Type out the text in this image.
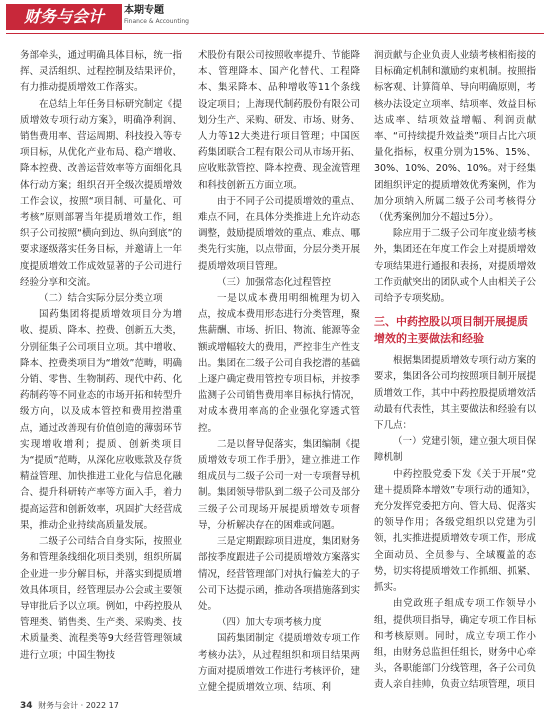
财务与会计	本期专题
Finance & Accounting

务部牵头，通过明确具体目标，统一指挥、灵活组织、过程控制及结果评价，有力推动提质增效工作落实。

在总结上年任务目标研究制定《提质增效专项行动方案》，明确净利润、销售费用率、营运周期、科技投入等专项目标，从优化产业布局、稳产增收、降本控费、改善运营效率等方面细化具体行动方案；组织召开全级次提质增效工作会议，按照“项目制、可量化、可考核”原则部署当年提质增效工作，组织子公司按照“横向到边、纵向到底”的要求逐级落实任务目标，并邀请上一年度提质增效工作成效显著的子公司进行经验分享和交流。

（二）结合实际分层分类立项

国药集团将提质增效项目分为增收、提质、降本、控费、创新五大类，分别征集子公司项目立项。其中增收、降本、控费类项目为“增效”范畴，明确分销、零售、生物制药、现代中药、化药制药等不同业态的市场开拓和转型升级方向，以及成本管控和费用控潜重点，通过改善现有价值创造的薄弱环节实现增收增利；提质、创新类项目为“提质”范畴，从深化应收账款及存货精益管理、加快推进工业化与信息化融合、提升科研转产率等方面入手，着力提高运营和创新效率，巩固扩大经营成果，推动企业持续高质量发展。

二级子公司结合自身实际，按照业务和管理条线细化项目类别，组织所属企业进一步分解目标，并落实到提质增效具体项目，经管理层办公会或主要领导审批后予以立项。例如，中药控股从管理类、销售类、生产类、采购类、技术质量类、流程类等9大经营管理领域进行立项；中国生物技

术股份有限公司按照收率提升、节能降本、管理降本、国产化替代、工程降本、集采降本、品种增收等11个条线设定项目；上海现代制药股份有限公司划分生产、采购、研发、市场、财务、人力等12大类进行项目管理；中国医药集团联合工程有限公司从市场开拓、应收账款管控、降本控费、现金流管理和科技创新五方面立项。

由于不同子公司提质增效的重点、难点不同，在具体分类推进上允许动态调整，鼓励提质增效的重点、难点、哪类先行实施，以点带面，分层分类开展提质增效项目管理。

（三）加强常态化过程管控

一是以成本费用明细梳理为切入点，按成本费用形态进行分类管理，聚焦薪酬、市场、折旧、物流、能源等金额或增幅较大的费用，严控非生产性支出。集团在二级子公司自我挖潜的基础上逐户确定费用管控专项目标，并按季监测子公司销售费用率目标执行情况，对成本费用率高的企业强化穿透式管控。

二是以督导促落实，集团编制《提质增效专项工作手册》，建立推进工作组成员与二级子公司一对一专项督导机制。集团领导带队到二级子公司及部分三级子公司现场开展提质增效专项督导，分析解决存在的困难或问题。

三是定期跟踪项目进度，集团财务部按季度跟进子公司提质增效方案落实情况，经营管理部门对执行偏差大的子公司下达提示函，推动各项措施落到实处。

（四）加大专项考核力度

国药集团制定《提质增效专项工作考核办法》，从过程组织和项目结果两方面对提质增效工作进行考核评价，建立健全提质增效立项、结项、利

润贡献与企业负责人业绩考核相衔接的目标确定机制和激励约束机制。按照指标客观、计算简单、导向明确原则，考核办法设定立项率、结项率、效益目标达成率、结项效益增幅、利润贡献率、“可持续提升效益类”项目占比六项量化指标，权重分别为15%、15%、30%、10%、20%、10%。对于经集团组织评定的提质增效优秀案例，作为加分项纳入所属二级子公司考核得分（优秀案例加分不超过5分）。

除应用于二级子公司年度业绩考核外，集团还在年度工作会上对提质增效专项结果进行通报和表扬，对提质增效工作贡献突出的团队或个人由相关子公司给予专项奖励。

三、中药控股以项目制开展提质增效的主要做法和经验

根据集团提质增效专项行动方案的要求，集团各公司均按照项目制开展提质增效工作，其中中药控股提质增效活动最有代表性，其主要做法和经验有以下几点：

（一）党建引领，建立强大项目保障机制

中药控股党委下发《关于开展“党建＋提质降本增效”专项行动的通知》，充分发挥党委把方向、管大局、促落实的领导作用；各级党组织以党建为引领，扎实推进提质增效专项工作，形成全面动员、全员参与、全域覆盖的态势，切实将提质增效工作抓细、抓紧、抓实。

由党政班子组成专项工作领导小组，提供项目指导，确定专项工作目标和考核原则。同时，成立专项工作小组，由财务总监担任组长，财务中心牵头，各职能部门分线管理，各子公司负责人亲自挂帅，负责立结项管理，项目

34 财务与会计 · 2022 17
